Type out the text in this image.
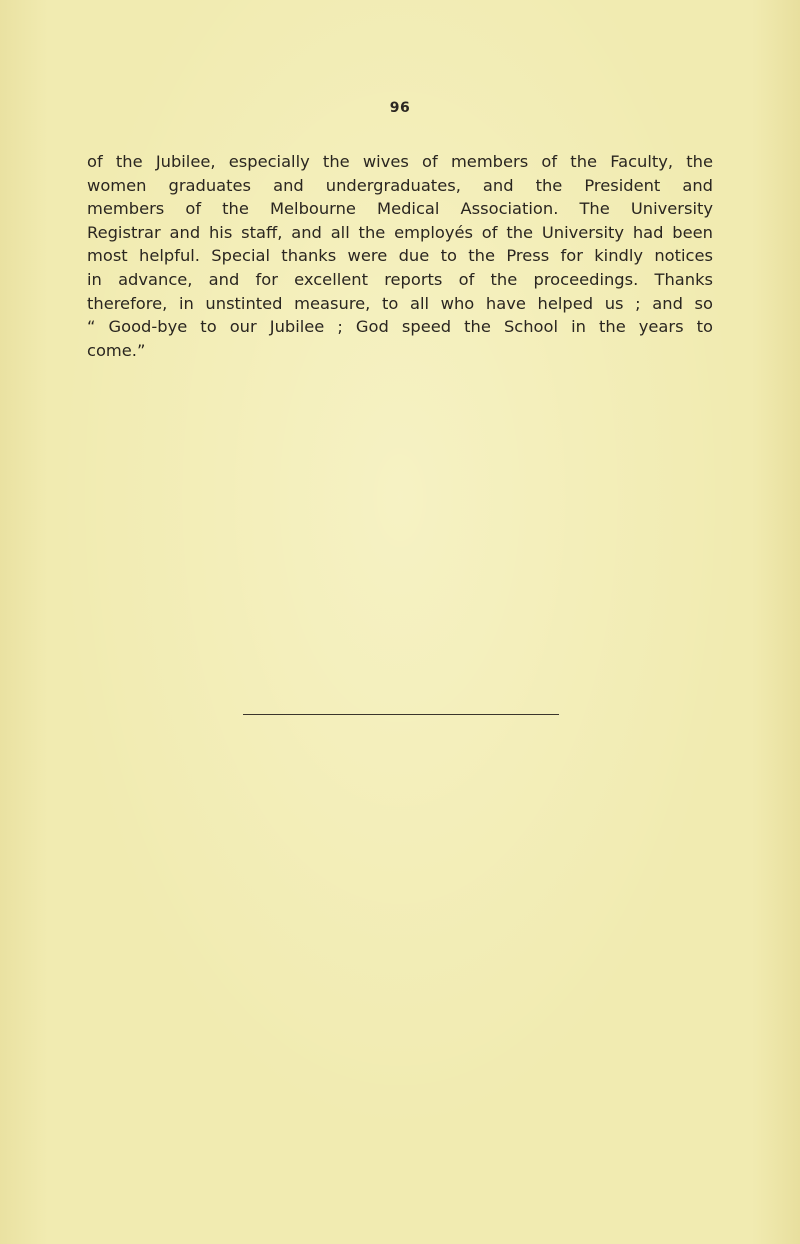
96
of the Jubilee, especially the wives of members of the Faculty, the
women graduates and undergraduates, and the President and
members of the Melbourne Medical Association. The University
Registrar and his staff, and all the employés of the University had been
most helpful. Special thanks were due to the Press for kindly notices
in advance, and for excellent reports of the proceedings. Thanks
therefore, in unstinted measure, to all who have helped us ; and so
“ Good-bye to our Jubilee ; God speed the School in the years to
come.”
